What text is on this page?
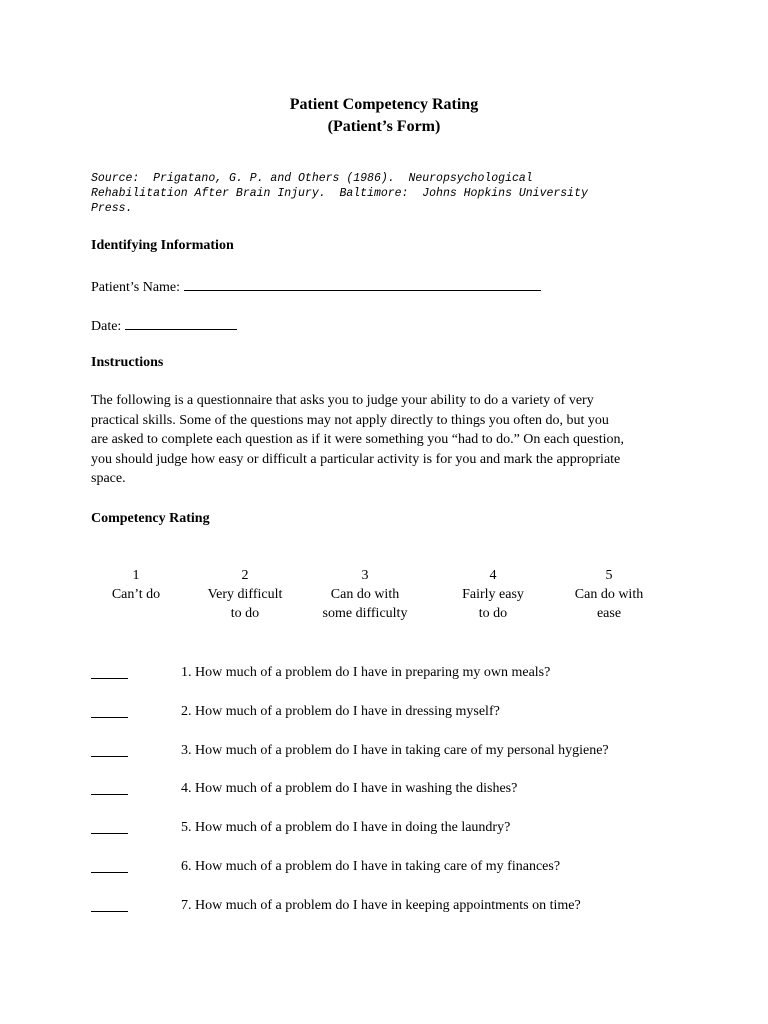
Patient Competency Rating
(Patient’s Form)
Source:  Prigatano, G. P. and Others (1986).  Neuropsychological
Rehabilitation After Brain Injury.  Baltimore:  Johns Hopkins University
Press.
Identifying Information
Patient’s Name:
Date:
Instructions
The following is a questionnaire that asks you to judge your ability to do a variety of very
practical skills. Some of the questions may not apply directly to things you often do, but you
are asked to complete each question as if it were something you “had to do.” On each question,
you should judge how easy or difficult a particular activity is for you and mark the appropriate
space.
Competency Rating
1
Can’t do
2
Very difficult
to do
3
Can do with
some difficulty
4
Fairly easy
to do
5
Can do with
ease
1. How much of a problem do I have in preparing my own meals?
2. How much of a problem do I have in dressing myself?
3. How much of a problem do I have in taking care of my personal hygiene?
4. How much of a problem do I have in washing the dishes?
5. How much of a problem do I have in doing the laundry?
6. How much of a problem do I have in taking care of my finances?
7. How much of a problem do I have in keeping appointments on time?
